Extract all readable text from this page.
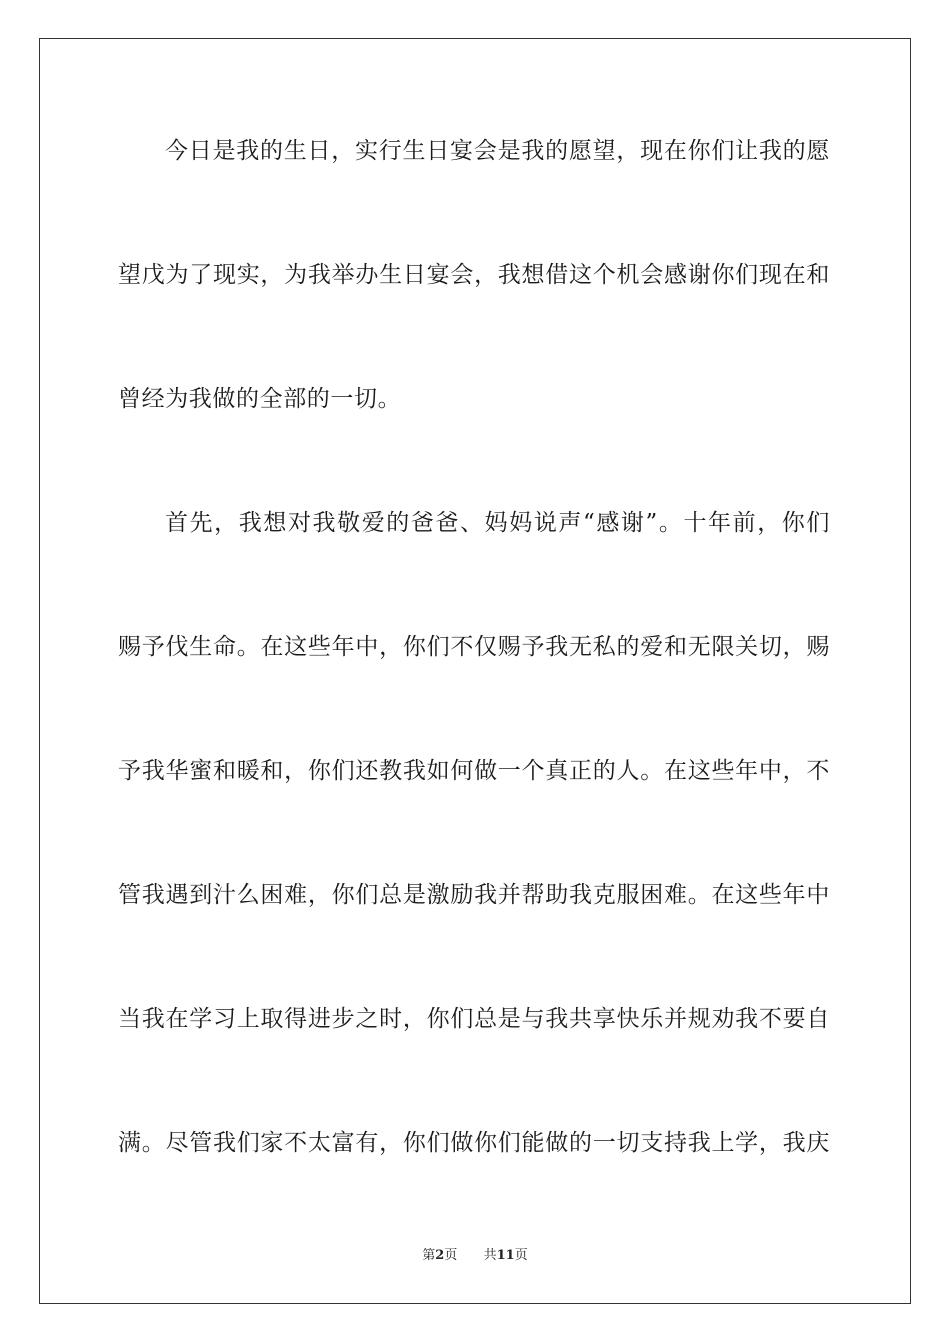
今日是我的生日，实行生日宴会是我的愿望，现在你们让我的愿
望戊为了现实，为我举办生日宴会，我想借这个机会感谢你们现在和
曾经为我做的全部的一切。
首先，我想对我敬爱的爸爸、妈妈说声“感谢”。十年前，你们
赐予伐生命。在这些年中，你们不仅赐予我无私的爱和无限关切，赐
予我华蜜和暖和，你们还教我如何做一个真正的人。在这些年中，不
管我遇到汁么困难，你们总是激励我并帮助我克服困难。在这些年中
当我在学习上取得进步之时，你们总是与我共享快乐并规劝我不要自
满。尽管我们家不太富有，你们做你们能做的一切支持我上学，我庆
第2页 共11页
